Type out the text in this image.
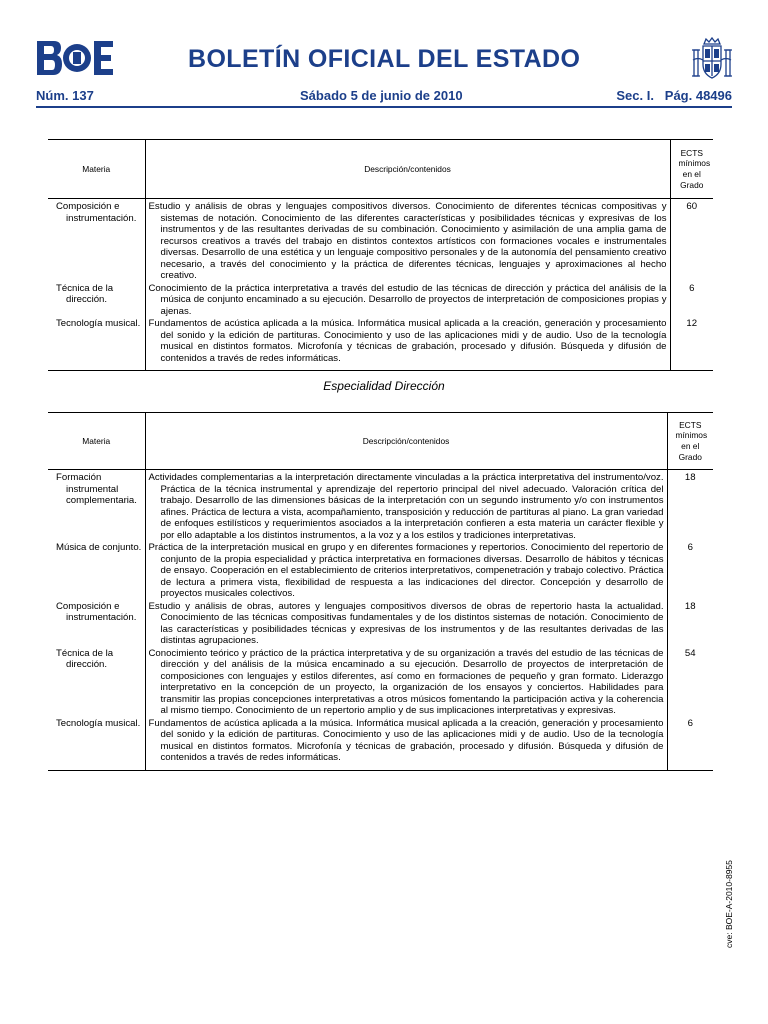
BOLETÍN OFICIAL DEL ESTADO
Núm. 137	Sábado 5 de junio de 2010	Sec. I.   Pág. 48496
Materia	Descripción/contenidos	ECTS mínimos en el Grado

Composición e instrumentación.	Estudio y análisis de obras y lenguajes compositivos diversos. Conocimiento de diferentes técnicas compositivas y sistemas de notación. Conocimiento de las diferentes características y posibilidades técnicas y expresivas de los instrumentos y de las resultantes derivadas de su combinación. Conocimiento y asimilación de una amplia gama de recursos creativos a través del trabajo en distintos contextos artísticos con formaciones vocales e instrumentales diversas. Desarrollo de una estética y un lenguaje compositivo personales y de la autonomía del pensamiento creativo necesario, a través del conocimiento y la práctica de diferentes técnicas, lenguajes y aproximaciones al hecho creativo.	60

Técnica de la dirección.	Conocimiento de la práctica interpretativa a través del estudio de las técnicas de dirección y práctica del análisis de la música de conjunto encaminado a su ejecución. Desarrollo de proyectos de interpretación de composiciones propias y ajenas.	6

Tecnología musical.	Fundamentos de acústica aplicada a la música. Informática musical aplicada a la creación, generación y procesamiento del sonido y la edición de partituras. Conocimiento y uso de las aplicaciones midi y de audio. Uso de la tecnología musical en distintos formatos. Microfonía y técnicas de grabación, procesado y difusión. Búsqueda y difusión de contenidos a través de redes informáticas.	12
Especialidad Dirección
Materia	Descripción/contenidos	ECTS mínimos en el Grado

Formación instrumental complementaria.	Actividades complementarias a la interpretación directamente vinculadas a la práctica interpretativa del instrumento/voz. Práctica de la técnica instrumental y aprendizaje del repertorio principal del nivel adecuado. Valoración crítica del trabajo. Desarrollo de las dimensiones básicas de la interpretación con un segundo instrumento y/o con instrumentos afines. Práctica de lectura a vista, acompañamiento, transposición y reducción de partituras al piano. La gran variedad de enfoques estilísticos y requerimientos asociados a la interpretación confieren a esta materia un carácter flexible y por ello adaptable a los distintos instrumentos, a la voz y a los estilos y tradiciones interpretativas.	18

Música de conjunto.	Práctica de la interpretación musical en grupo y en diferentes formaciones y repertorios. Conocimiento del repertorio de conjunto de la propia especialidad y práctica interpretativa en formaciones diversas. Desarrollo de hábitos y técnicas de ensayo. Cooperación en el establecimiento de criterios interpretativos, compenetración y trabajo colectivo. Práctica de lectura a primera vista, flexibilidad de respuesta a las indicaciones del director. Concepción y desarrollo de proyectos musicales colectivos.	6

Composición e instrumentación.	Estudio y análisis de obras, autores y lenguajes compositivos diversos de obras de repertorio hasta la actualidad. Conocimiento de las técnicas compositivas fundamentales y de los distintos sistemas de notación. Conocimiento de las características y posibilidades técnicas y expresivas de los instrumentos y de las resultantes derivadas de las distintas agrupaciones.	18

Técnica de la dirección.	Conocimiento teórico y práctico de la práctica interpretativa y de su organización a través del estudio de las técnicas de dirección y del análisis de la música encaminado a su ejecución. Desarrollo de proyectos de interpretación de composiciones con lenguajes y estilos diferentes, así como en formaciones de pequeño y gran formato. Liderazgo interpretativo en la concepción de un proyecto, la organización de los ensayos y conciertos. Habilidades para transmitir las propias concepciones interpretativas a otros músicos fomentando la participación activa y la coherencia al mismo tiempo. Conocimiento de un repertorio amplio y de sus implicaciones interpretativas y expresivas.	54

Tecnología musical.	Fundamentos de acústica aplicada a la música. Informática musical aplicada a la creación, generación y procesamiento del sonido y la edición de partituras. Conocimiento y uso de las aplicaciones midi y de audio. Uso de la tecnología musical en distintos formatos. Microfonía y técnicas de grabación, procesado y difusión. Búsqueda y difusión de contenidos a través de redes informáticas.	6
cve: BOE-A-2010-8955
